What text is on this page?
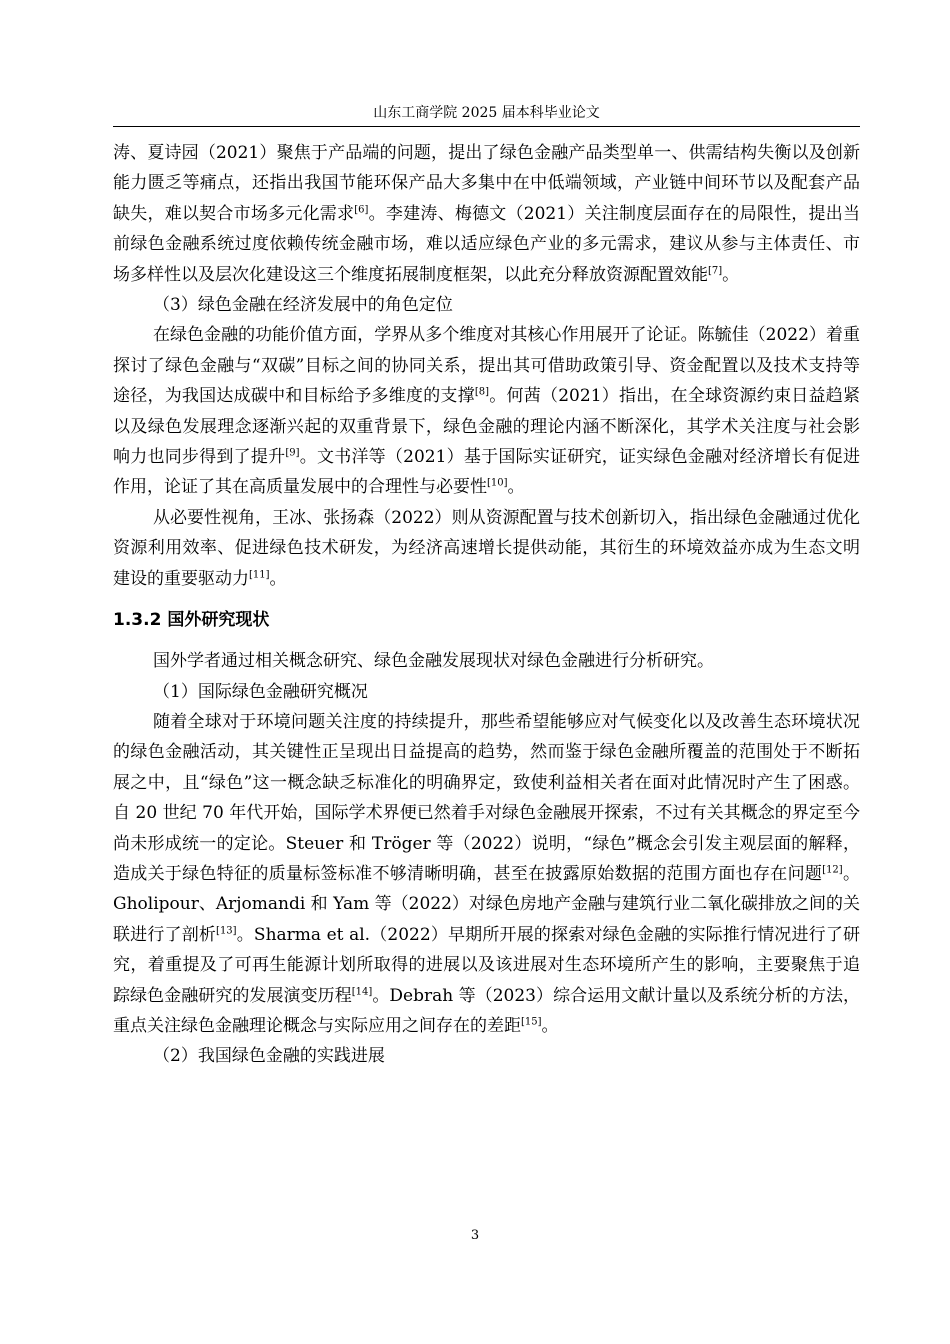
山东工商学院 2025 届本科毕业论文

涛、夏诗园（2021）聚焦于产品端的问题，提出了绿色金融产品类型单一、供需结构失衡以及创新能力匮乏等痛点，还指出我国节能环保产品大多集中在中低端领域，产业链中间环节以及配套产品缺失，难以契合市场多元化需求[6]。李建涛、梅德文（2021）关注制度层面存在的局限性，提出当前绿色金融系统过度依赖传统金融市场，难以适应绿色产业的多元需求，建议从参与主体责任、市场多样性以及层次化建设这三个维度拓展制度框架，以此充分释放资源配置效能[7]。

（3）绿色金融在经济发展中的角色定位

在绿色金融的功能价值方面，学界从多个维度对其核心作用展开了论证。陈毓佳（2022）着重探讨了绿色金融与“双碳”目标之间的协同关系，提出其可借助政策引导、资金配置以及技术支持等途径，为我国达成碳中和目标给予多维度的支撑[8]。何茜（2021）指出，在全球资源约束日益趋紧以及绿色发展理念逐渐兴起的双重背景下，绿色金融的理论内涵不断深化，其学术关注度与社会影响力也同步得到了提升[9]。文书洋等（2021）基于国际实证研究，证实绿色金融对经济增长有促进作用，论证了其在高质量发展中的合理性与必要性[10]。

从必要性视角，王冰、张扬森（2022）则从资源配置与技术创新切入，指出绿色金融通过优化资源利用效率、促进绿色技术研发，为经济高速增长提供动能，其衍生的环境效益亦成为生态文明建设的重要驱动力[11]。

1.3.2 国外研究现状

国外学者通过相关概念研究、绿色金融发展现状对绿色金融进行分析研究。

（1）国际绿色金融研究概况

随着全球对于环境问题关注度的持续提升，那些希望能够应对气候变化以及改善生态环境状况的绿色金融活动，其关键性正呈现出日益提高的趋势，然而鉴于绿色金融所覆盖的范围处于不断拓展之中，且“绿色”这一概念缺乏标准化的明确界定，致使利益相关者在面对此情况时产生了困惑。自 20 世纪 70 年代开始，国际学术界便已然着手对绿色金融展开探索，不过有关其概念的界定至今尚未形成统一的定论。Steuer 和 Tröger 等（2022）说明，“绿色”概念会引发主观层面的解释，造成关于绿色特征的质量标签标准不够清晰明确，甚至在披露原始数据的范围方面也存在问题[12]。Gholipour、Arjomandi 和 Yam 等（2022）对绿色房地产金融与建筑行业二氧化碳排放之间的关联进行了剖析[13]。Sharma et al.（2022）早期所开展的探索对绿色金融的实际推行情况进行了研究，着重提及了可再生能源计划所取得的进展以及该进展对生态环境所产生的影响，主要聚焦于追踪绿色金融研究的发展演变历程[14]。Debrah 等（2023）综合运用文献计量以及系统分析的方法，重点关注绿色金融理论概念与实际应用之间存在的差距[15]。

（2）我国绿色金融的实践进展

3
